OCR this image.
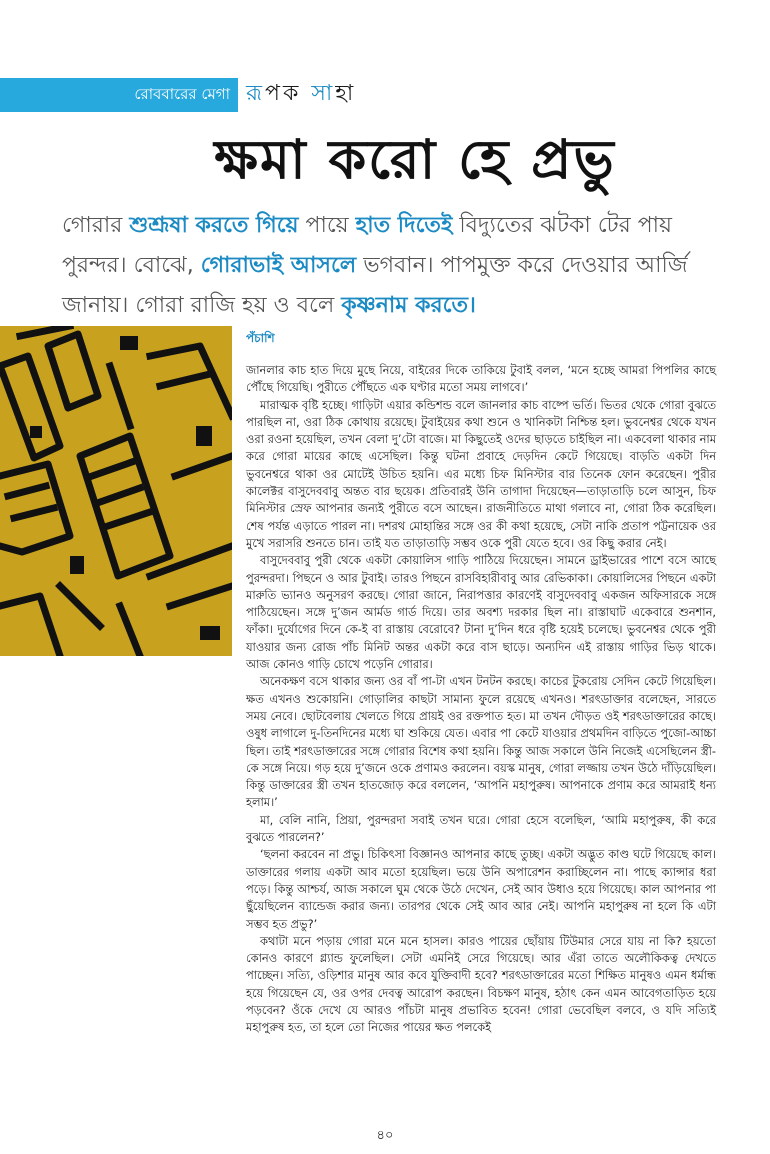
রোববারের মেগা রূপক সাহা
ক্ষমা করো হে প্রভু
গোরার শুশ্রূষা করতে গিয়ে পায়ে হাত দিতেই বিদ্যুতের ঝটকা টের পায় পুরন্দর। বোঝে, গোরাভাই আসলে ভগবান। পাপমুক্ত করে দেওয়ার আর্জি জানায়। গোরা রাজি হয় ও বলে কৃষ্ণনাম করতে।
পঁচাশি

জানলার কাচ হাত দিয়ে মুছে নিয়ে, বাইরের দিকে তাকিয়ে টুবাই বলল, ‘মনে হচ্ছে আমরা পিপলির কাছে পৌঁছে গিয়েছি। পুরীতে পৌঁছতে এক ঘণ্টার মতো সময় লাগবে।’

মারাত্মক বৃষ্টি হচ্ছে। গাড়িটা এয়ার কন্ডিশন্ড বলে জানলার কাচ বাষ্পে ভর্তি। ভিতর থেকে গোরা বুঝতে পারছিল না, ওরা ঠিক কোথায় রয়েছে। টুবাইয়ের কথা শুনে ও খানিকটা নিশ্চিন্ত হল। ভুবনেশ্বর থেকে যখন ওরা রওনা হয়েছিল, তখন বেলা দু’টো বাজে। মা কিছুতেই ওদের ছাড়তে চাইছিল না। একবেলা থাকার নাম করে গোরা মায়ের কাছে এসেছিল। কিন্তু ঘটনা প্রবাহে দেড়দিন কেটে গিয়েছে। বাড়তি একটা দিন ভুবনেশ্বরে থাকা ওর মোটেই উচিত হয়নি। এর মধ্যে চিফ মিনিস্টার বার তিনেক ফোন করেছেন। পুরীর কালেক্টর বাসুদেববাবু অন্তত বার ছয়েক। প্রতিবারই উনি তাগাদা দিয়েছেন—তাড়াতাড়ি চলে আসুন, চিফ মিনিস্টার স্রেফ আপনার জন্যই পুরীতে বসে আছেন। রাজনীতিতে মাথা গলাবে না, গোরা ঠিক করেছিল। শেষ পর্যন্ত এড়াতে পারল না। দশরথ মোহান্তির সঙ্গে ওর কী কথা হয়েছে, সেটা নাকি প্রতাপ পট্টনায়েক ওর মুখে সরাসরি শুনতে চান। তাই যত তাড়াতাড়ি সম্ভব ওকে পুরী যেতে হবে। ওর কিছু করার নেই।

বাসুদেববাবু পুরী থেকে একটা কোয়ালিস গাড়ি পাঠিয়ে দিয়েছেন। সামনে ড্রাইভারের পাশে বসে আছে পুরন্দরদা। পিছনে ও আর টুবাই। তারও পিছনে রাসবিহারীবাবু আর রেভিকাকা। কোয়ালিসের পিছনে একটা মারুতি ভ্যানও অনুসরণ করছে। গোরা জানে, নিরাপত্তার কারণেই বাসুদেববাবু একজন অফিসারকে সঙ্গে পাঠিয়েছেন। সঙ্গে দু’জন আর্মড গার্ড দিয়ে। তার অবশ্য দরকার ছিল না। রাস্তাঘাট একেবারে শুনশান, ফাঁকা। দুর্যোগের দিনে কে-ই বা রাস্তায় বেরোবে? টানা দু’দিন ধরে বৃষ্টি হয়েই চলেছে। ভুবনেশ্বর থেকে পুরী যাওয়ার জন্য রোজ পাঁচ মিনিট অন্তর একটা করে বাস ছাড়ে। অন্যদিন এই রাস্তায় গাড়ির ভিড় থাকে। আজ কোনও গাড়ি চোখে পড়েনি গোরার।

অনেকক্ষণ বসে থাকার জন্য ওর বাঁ পা-টা এখন টনটন করছে। কাচের টুকরোয় সেদিন কেটে গিয়েছিল। ক্ষত এখনও শুকোয়নি। গোড়ালির কাছটা সামান্য ফুলে রয়েছে এখনও। শরৎডাক্তার বলেছেন, সারতে সময় নেবে। ছোটবেলায় খেলতে গিয়ে প্রায়ই ওর রক্তপাত হত। মা তখন দৌড়ত ওই শরৎডাক্তারের কাছে। ওষুধ লাগালে দু-তিনদিনের মধ্যে ঘা শুকিয়ে যেত। এবার পা কেটে যাওয়ার প্রথমদিন বাড়িতে পুজো-আচ্চা ছিল। তাই শরৎডাক্তারের সঙ্গে গোরার বিশেষ কথা হয়নি। কিন্তু আজ সকালে উনি নিজেই এসেছিলেন স্ত্রী-কে সঙ্গে নিয়ে। গড় হয়ে দু’জনে ওকে প্রণামও করলেন। বয়স্ক মানুষ, গোরা লজ্জায় তখন উঠে দাঁড়িয়েছিল। কিন্তু ডাক্তারের স্ত্রী তখন হাতজোড় করে বললেন, ‘আপনি মহাপুরুষ। আপনাকে প্রণাম করে আমরাই ধন্য হলাম।’

মা, বেলি নানি, প্রিয়া, পুরন্দরদা সবাই তখন ঘরে। গোরা হেসে বলেছিল, ‘আমি মহাপুরুষ, কী করে বুঝতে পারলেন?’

‘ছলনা করবেন না প্রভু। চিকিৎসা বিজ্ঞানও আপনার কাছে তুচ্ছ। একটা অদ্ভুত কাণ্ড ঘটে গিয়েছে কাল। ডাক্তারের গলায় একটা আব মতো হয়েছিল। ভয়ে উনি অপারেশন করাচ্ছিলেন না। পাছে ক্যান্সার ধরা পড়ে। কিন্তু আশ্চর্য, আজ সকালে ঘুম থেকে উঠে দেখেন, সেই আব উধাও হয়ে গিয়েছে। কাল আপনার পা ছুঁয়েছিলেন ব্যান্ডেজ করার জন্য। তারপর থেকে সেই আব আর নেই। আপনি মহাপুরুষ না হলে কি এটা সম্ভব হত প্রভু?’

কথাটা মনে পড়ায় গোরা মনে মনে হাসল। কারও পায়ের ছোঁয়ায় টিউমার সেরে যায় না কি? হয়তো কোনও কারণে গ্ল্যান্ড ফুলেছিল। সেটা এমনিই সেরে গিয়েছে। আর এঁরা তাতে অলৌকিকত্ব দেখতে পাচ্ছেন। সত্যি, ওড়িশার মানুষ আর কবে যুক্তিবাদী হবে? শরৎডাক্তারের মতো শিক্ষিত মানুষও এমন ধর্মান্ধ হয়ে গিয়েছেন যে, ওর ওপর দেবত্ব আরোপ করছেন। বিচক্ষণ মানুষ, হঠাৎ কেন এমন আবেগতাড়িত হয়ে পড়বেন? ওঁকে দেখে যে আরও পাঁচটা মানুষ প্রভাবিত হবেন! গোরা ভেবেছিল বলবে, ও যদি সত্যিই মহাপুরুষ হত, তা হলে তো নিজের পায়ের ক্ষত পলকেই

৪০
